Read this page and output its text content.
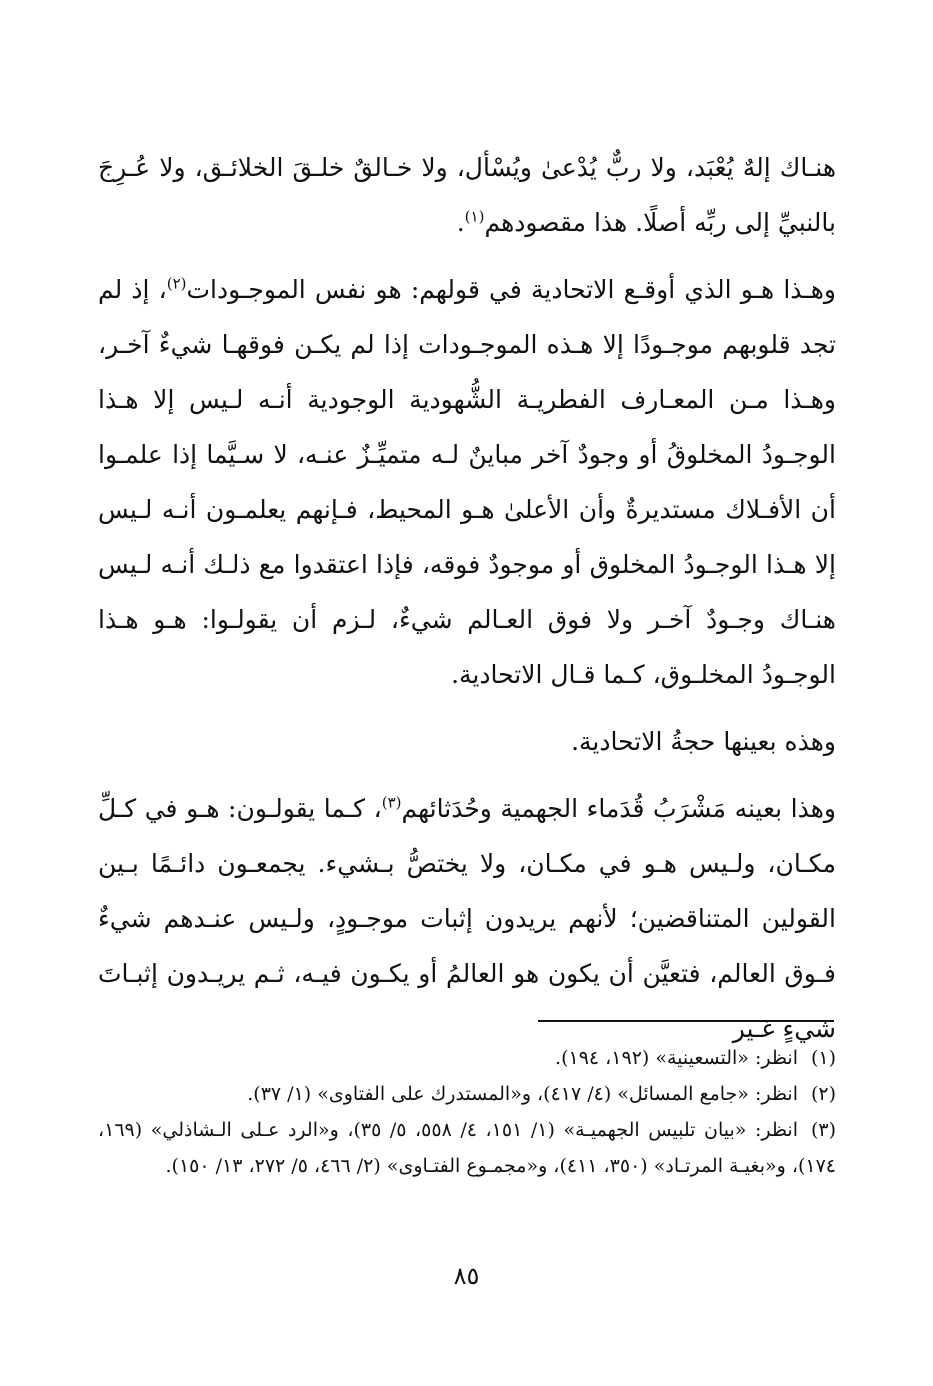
هنـاك إلهٌ يُعْبَد، ولا ربٌّ يُدْعىٰ ويُسْأل، ولا خـالقٌ خلـقَ الخلائـق، ولا عُـرِجَ بالنبيِّ إلى ربِّه أصلًا. هذا مقصودهم$^{(١)}$.

وهـذا هـو الذي أوقـع الاتحادية في قولهم: هو نفس الموجـودات$^{(٢)}$، إذ لم تجد قلوبهم موجـودًا إلا هـذه الموجـودات إذا لم يكـن فوقهـا شيءٌ آخـر، وهـذا مـن المعـارف الفطريـة الشُّهودية الوجودية أنـه لـيس إلا هـذا الوجـودُ المخلوقُ أو وجودٌ آخر مباينٌ لـه متميِّـزٌ عنـه، لا سـيَّما إذا علمـوا أن الأفـلاك مستديرةٌ وأن الأعلىٰ هـو المحيط، فـإنهم يعلمـون أنـه لـيس إلا هـذا الوجـودُ المخلوق أو موجودٌ فوقه، فإذا اعتقدوا مع ذلـك أنـه لـيس هنـاك وجـودٌ آخـر ولا فوق العـالم شيءٌ، لـزم أن يقولـوا: هـو هـذا الوجـودُ المخلـوق، كـما قـال الاتحادية.

وهذه بعينها حجةُ الاتحادية.

وهذا بعينه مَشْرَبُ قُدَماء الجهمية وحُدَثائهم$^{(٣)}$، كـما يقولـون: هـو في كـلِّ مكـان، ولـيس هـو في مكـان، ولا يختصُّ بـشيء. يجمعـون دائـمًا بـين القولين المتناقضين؛ لأنهم يريدون إثبات موجـودٍ، ولـيس عنـدهم شيءٌ فـوق العالم، فتعيَّن أن يكون هو العالمُ أو يكـون فيـه، ثـم يريـدون إثبـاتَ شيءٍ غـير

(١)انظر: «التسعينية» (١٩٢، ١٩٤).

(٢)انظر: «جامع المسائل» (٤/ ٤١٧)، و«المستدرك على الفتاوى» (١/ ٣٧).

(٣)انظر: «بيان تلبيس الجهميـة» (١/ ١٥١، ٤/ ٥٥٨، ٥/ ٣٥)، و«الرد عـلى الـشاذلي» (١٦٩، ١٧٤)، و«بغيـة المرتـاد» (٣٥٠، ٤١١)، و«مجمـوع الفتـاوى» (٢/ ٤٦٦، ٥/ ٢٧٢، ١٣/ ١٥٠).

٨٥
